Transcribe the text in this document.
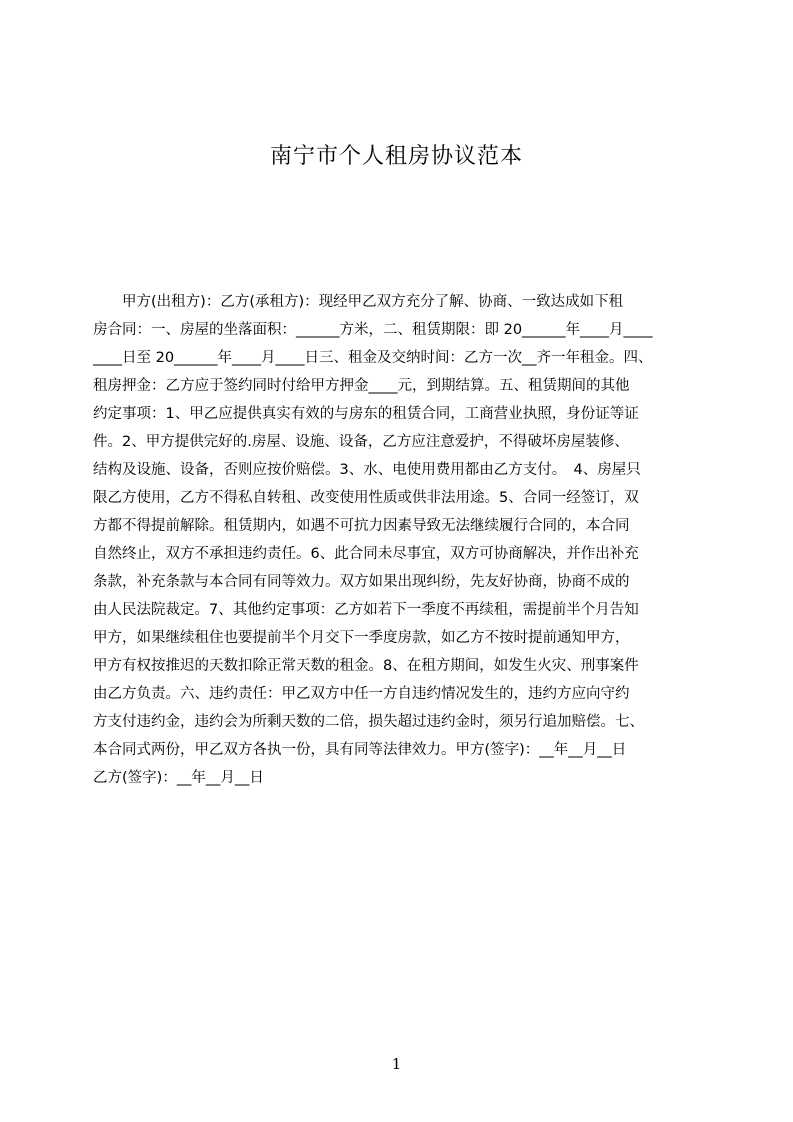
南宁市个人租房协议范本
　　甲方(出租方)：乙方(承租方)：现经甲乙双方充分了解、协商、一致达成如下租
房合同：一、房屋的坐落面积：______方米，二、租赁期限：即 20______年____月____
____日至 20______年____月____日三、租金及交纳时间：乙方一次__齐一年租金。四、
租房押金：乙方应于签约同时付给甲方押金____元，到期结算。五、租赁期间的其他
约定事项：1、甲乙应提供真实有效的与房东的租赁合同，工商营业执照，身份证等证
件。2、甲方提供完好的.房屋、设施、设备，乙方应注意爱护，不得破坏房屋装修、
结构及设施、设备，否则应按价赔偿。3、水、电使用费用都由乙方支付。　4、房屋只
限乙方使用，乙方不得私自转租、改变使用性质或供非法用途。5、合同一经签订，双
方都不得提前解除。租赁期内，如遇不可抗力因素导致无法继续履行合同的，本合同
自然终止，双方不承担违约责任。6、此合同未尽事宜，双方可协商解决，并作出补充
条款，补充条款与本合同有同等效力。双方如果出现纠纷，先友好协商，协商不成的
由人民法院裁定。7、其他约定事项：乙方如若下一季度不再续租，需提前半个月告知
甲方，如果继续租住也要提前半个月交下一季度房款，如乙方不按时提前通知甲方，
甲方有权按推迟的天数扣除正常天数的租金。8、在租方期间，如发生火灾、刑事案件
由乙方负责。六、违约责任：甲乙双方中任一方自违约情况发生的，违约方应向守约
方支付违约金，违约会为所剩天数的二倍，损失超过违约金时，须另行追加赔偿。七、
本合同式两份，甲乙双方各执一份，具有同等法律效力。甲方(签字)：__年__月__日
乙方(签字)：__年__月__日
1
